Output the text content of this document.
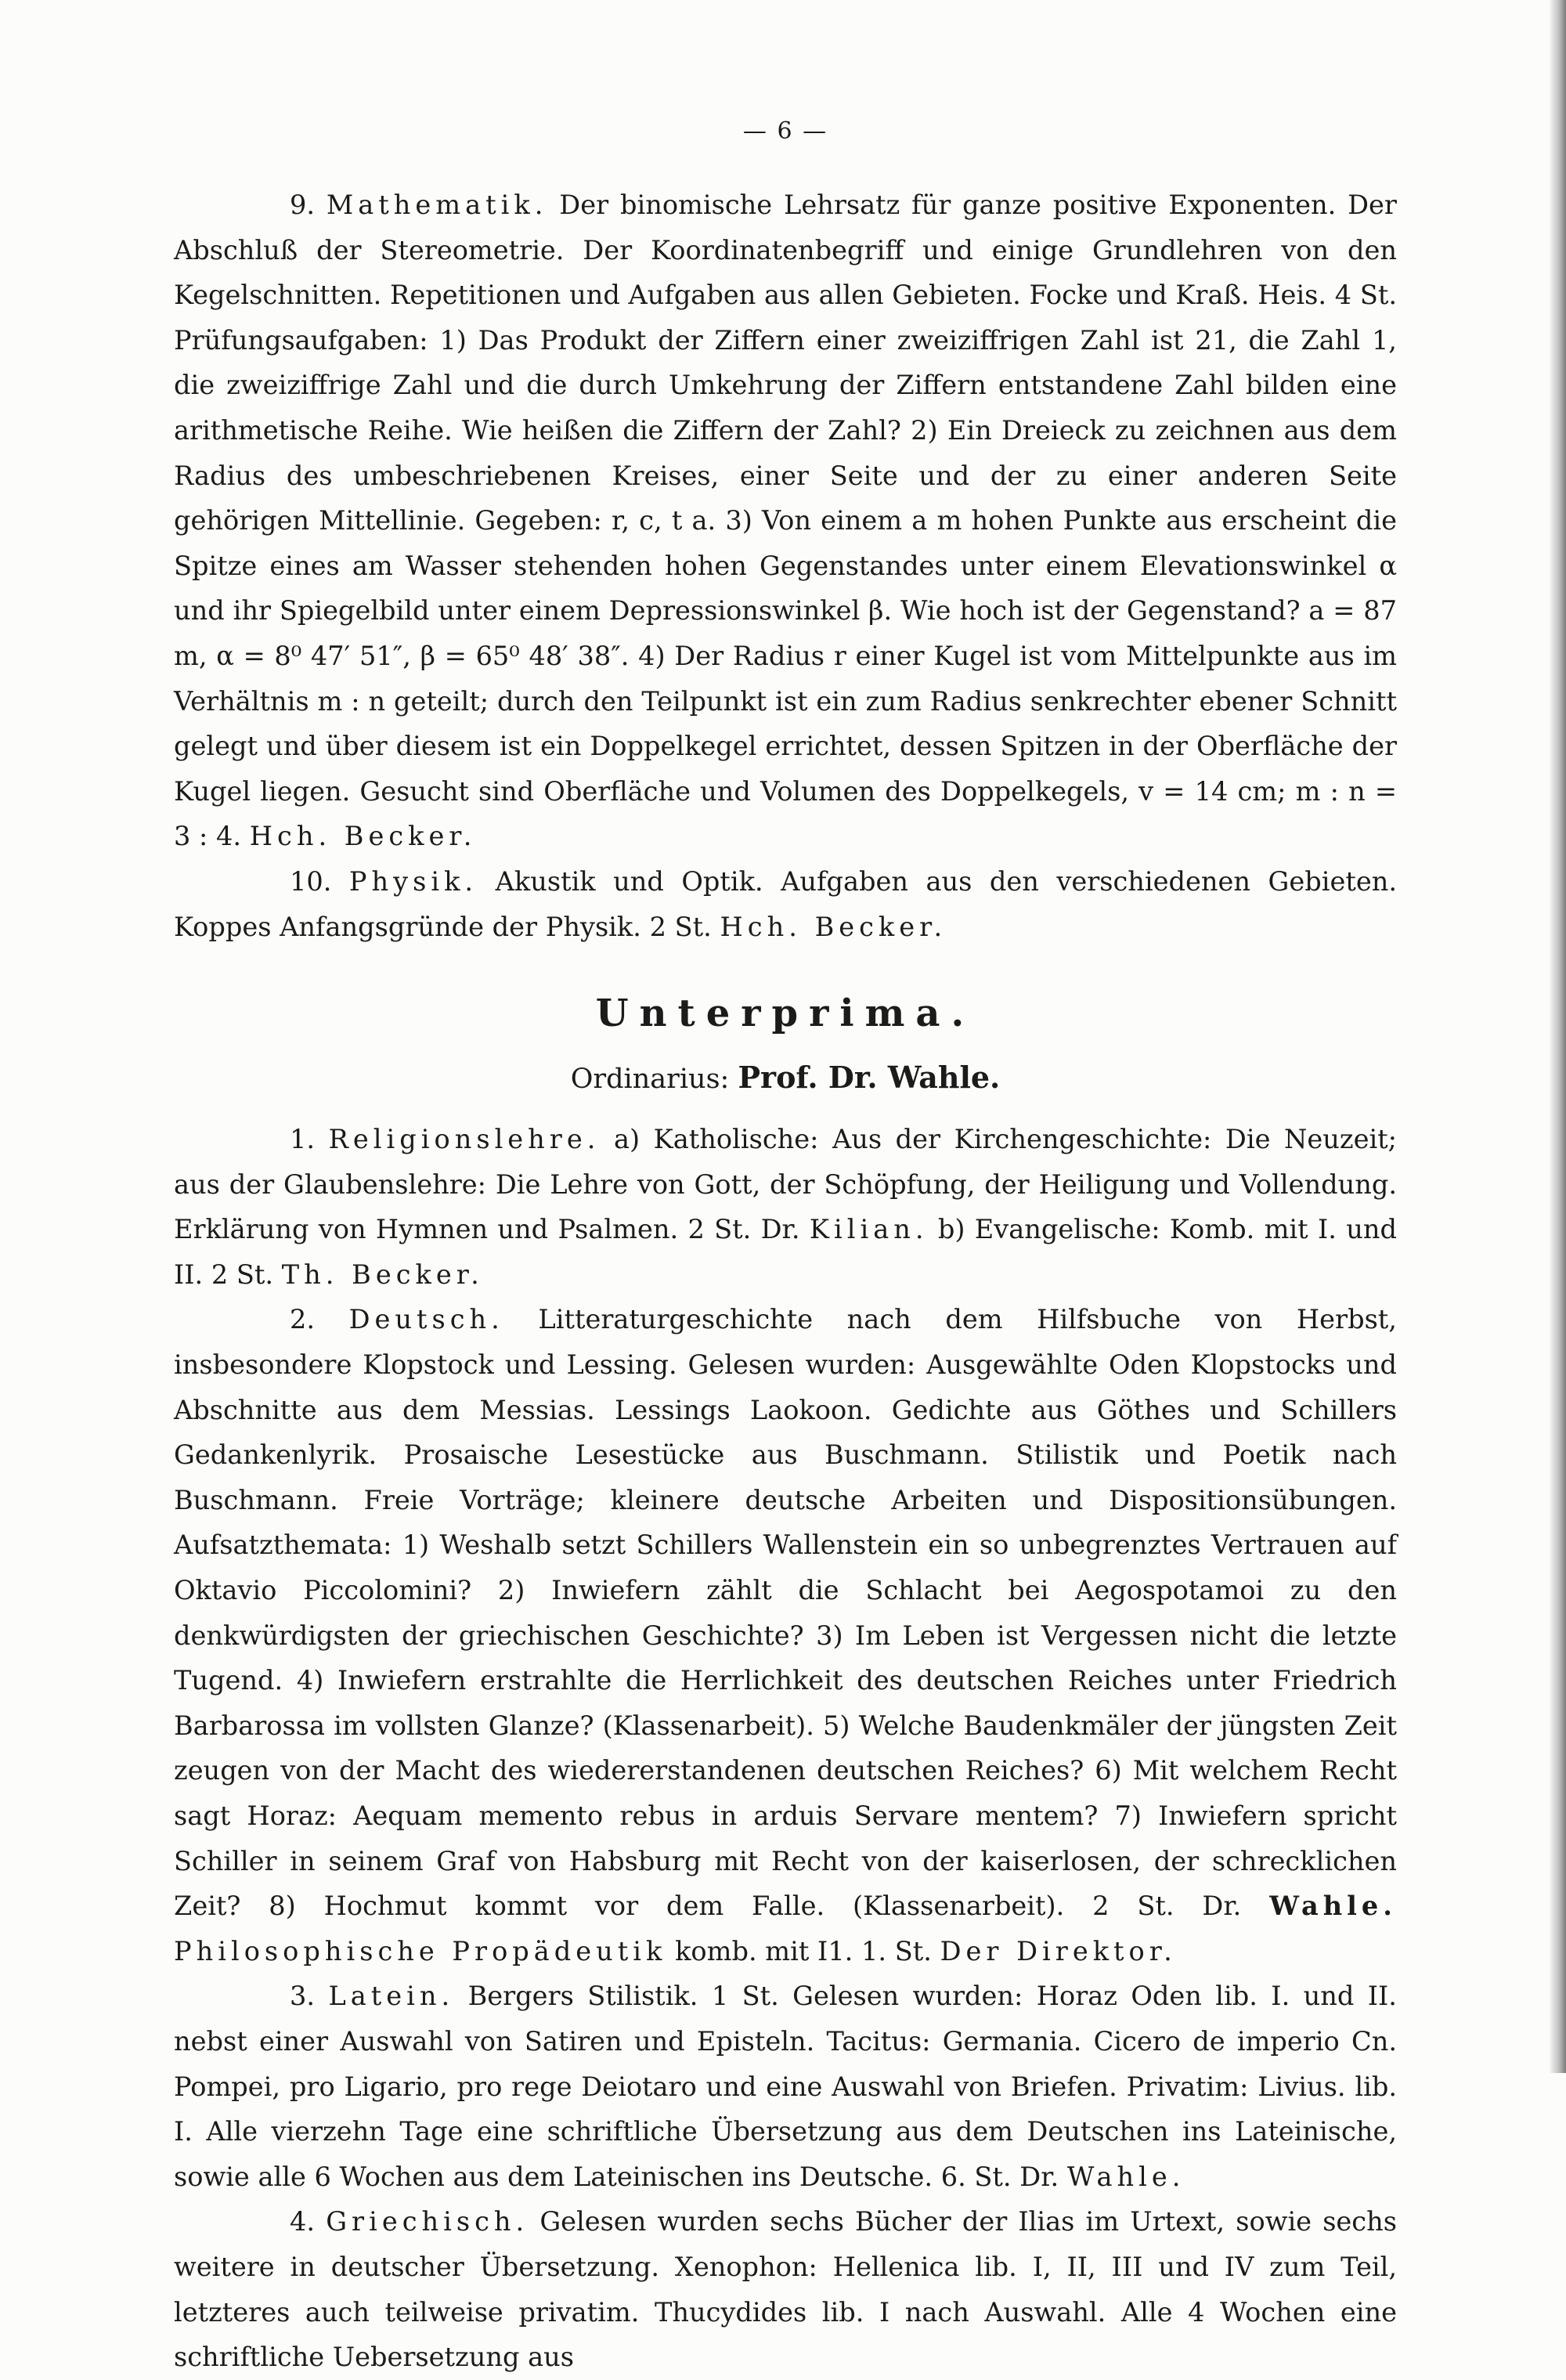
— 6 —

9. Mathematik. Der binomische Lehrsatz für ganze positive Exponenten. Der Abschluß der Stereometrie. Der Koordinatenbegriff und einige Grundlehren von den Kegelschnitten. Repetitionen und Aufgaben aus allen Gebieten. Focke und Kraß. Heis. 4 St. Prüfungsaufgaben: 1) Das Produkt der Ziffern einer zweiziffrigen Zahl ist 21, die Zahl 1, die zweiziffrige Zahl und die durch Umkehrung der Ziffern entstandene Zahl bilden eine arithmetische Reihe. Wie heißen die Ziffern der Zahl? 2) Ein Dreieck zu zeichnen aus dem Radius des umbeschriebenen Kreises, einer Seite und der zu einer anderen Seite gehörigen Mittellinie. Gegeben: r, c, t a. 3) Von einem a m hohen Punkte aus erscheint die Spitze eines am Wasser stehenden hohen Gegenstandes unter einem Elevationswinkel α und ihr Spiegelbild unter einem Depressionswinkel β. Wie hoch ist der Gegenstand? a = 87 m, α = 8⁰ 47′ 51″, β = 65⁰ 48′ 38″. 4) Der Radius r einer Kugel ist vom Mittelpunkte aus im Verhältnis m : n geteilt; durch den Teilpunkt ist ein zum Radius senkrechter ebener Schnitt gelegt und über diesem ist ein Doppelkegel errichtet, dessen Spitzen in der Oberfläche der Kugel liegen. Gesucht sind Oberfläche und Volumen des Doppelkegels, v = 14 cm; m : n = 3 : 4. Hch. Becker.

10. Physik. Akustik und Optik. Aufgaben aus den verschiedenen Gebieten. Koppes Anfangsgründe der Physik. 2 St. Hch. Becker.

Unterprima.
Ordinarius: Prof. Dr. Wahle.

1. Religionslehre. a) Katholische: Aus der Kirchengeschichte: Die Neuzeit; aus der Glaubenslehre: Die Lehre von Gott, der Schöpfung, der Heiligung und Vollendung. Erklärung von Hymnen und Psalmen. 2 St. Dr. Kilian. b) Evangelische: Komb. mit I. und II. 2 St. Th. Becker.

2. Deutsch. Litteraturgeschichte nach dem Hilfsbuche von Herbst, insbesondere Klopstock und Lessing. Gelesen wurden: Ausgewählte Oden Klopstocks und Abschnitte aus dem Messias. Lessings Laokoon. Gedichte aus Göthes und Schillers Gedankenlyrik. Prosaische Lesestücke aus Buschmann. Stilistik und Poetik nach Buschmann. Freie Vorträge; kleinere deutsche Arbeiten und Dispositionsübungen. Aufsatzthemata: 1) Weshalb setzt Schillers Wallenstein ein so unbegrenztes Vertrauen auf Oktavio Piccolomini? 2) Inwiefern zählt die Schlacht bei Aegospotamoi zu den denkwürdigsten der griechischen Geschichte? 3) Im Leben ist Vergessen nicht die letzte Tugend. 4) Inwiefern erstrahlte die Herrlichkeit des deutschen Reiches unter Friedrich Barbarossa im vollsten Glanze? (Klassenarbeit). 5) Welche Baudenkmäler der jüngsten Zeit zeugen von der Macht des wiedererstandenen deutschen Reiches? 6) Mit welchem Recht sagt Horaz: Aequam memento rebus in arduis Servare mentem? 7) Inwiefern spricht Schiller in seinem Graf von Habsburg mit Recht von der kaiserlosen, der schrecklichen Zeit? 8) Hochmut kommt vor dem Falle. (Klassenarbeit). 2 St. Dr. Wahle. Philosophische Propädeutik komb. mit I1. 1. St. Der Direktor.

3. Latein. Bergers Stilistik. 1 St. Gelesen wurden: Horaz Oden lib. I. und II. nebst einer Auswahl von Satiren und Episteln. Tacitus: Germania. Cicero de imperio Cn. Pompei, pro Ligario, pro rege Deiotaro und eine Auswahl von Briefen. Privatim: Livius. lib. I. Alle vierzehn Tage eine schriftliche Übersetzung aus dem Deutschen ins Lateinische, sowie alle 6 Wochen aus dem Lateinischen ins Deutsche. 6. St. Dr. Wahle.

4. Griechisch. Gelesen wurden sechs Bücher der Ilias im Urtext, sowie sechs weitere in deutscher Übersetzung. Xenophon: Hellenica lib. I, II, III und IV zum Teil, letzteres auch teilweise privatim. Thucydides lib. I nach Auswahl. Alle 4 Wochen eine schriftliche Uebersetzung aus
